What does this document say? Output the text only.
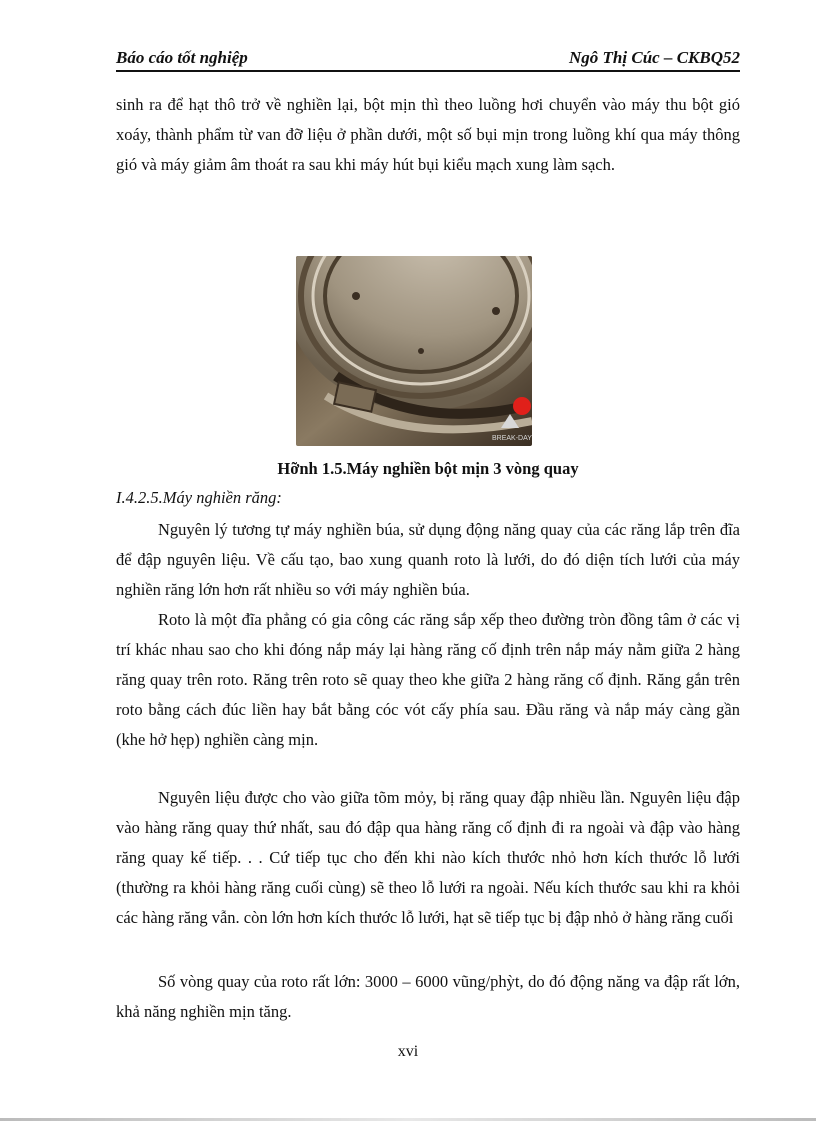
Báo cáo tốt nghiệp	Ngô Thị Cúc – CKBQ52
sinh ra để hạt thô trở về nghiền lại, bột mịn thì theo luồng hơi chuyển vào máy thu bột gió xoáy, thành phẩm từ van đỡ liệu ở phần dưới, một số bụi mịn trong luồng khí qua máy thông gió và máy giảm âm thoát ra sau khi máy hút bụi kiểu mạch xung làm sạch.
BREAK-DAY
Hỡnh 1.5.Máy nghiền bột mịn 3 vòng quay
I.4.2.5.Máy nghiền răng:
Nguyên lý tương tự máy nghiền búa, sử dụng động năng quay của các răng lắp trên đĩa để đập nguyên liệu. Về cấu tạo, bao xung quanh roto là lưới, do đó diện tích lưới của máy nghiền răng lớn hơn rất nhiều so với máy nghiền búa.
Roto là một đĩa phẳng có gia công các răng sắp xếp theo đường tròn đồng tâm ở các vị trí khác nhau sao cho khi đóng nắp máy lại hàng răng cố định trên nắp máy nằm giữa 2 hàng răng quay trên roto. Răng trên roto sẽ quay theo khe giữa 2 hàng răng cố định. Răng gắn trên roto bằng cách đúc liền hay bắt bằng cóc vót cấy phía sau. Đầu răng và nắp máy càng gần (khe hở hẹp) nghiền càng mịn.
Nguyên liệu được cho vào giữa tõm mỏy, bị răng quay đập nhiều lần. Nguyên liệu đập vào hàng răng quay thứ nhất, sau đó đập qua hàng răng cố định đi ra ngoài và đập vào hàng răng quay kế tiếp. . . Cứ tiếp tục cho đến khi nào kích thước nhỏ hơn kích thước lỗ lưới (thường ra khỏi hàng răng cuối cùng) sẽ theo lỗ lưới ra ngoài. Nếu kích thước sau khi ra khỏi các hàng răng vẫn. còn lớn hơn kích thước lỗ lưới, hạt sẽ tiếp tục bị đập nhỏ ở hàng răng cuối
Số vòng quay của roto rất lớn: 3000 – 6000 vũng/phỳt, do đó động năng va đập rất lớn, khả năng nghiền mịn tăng.
xvi
